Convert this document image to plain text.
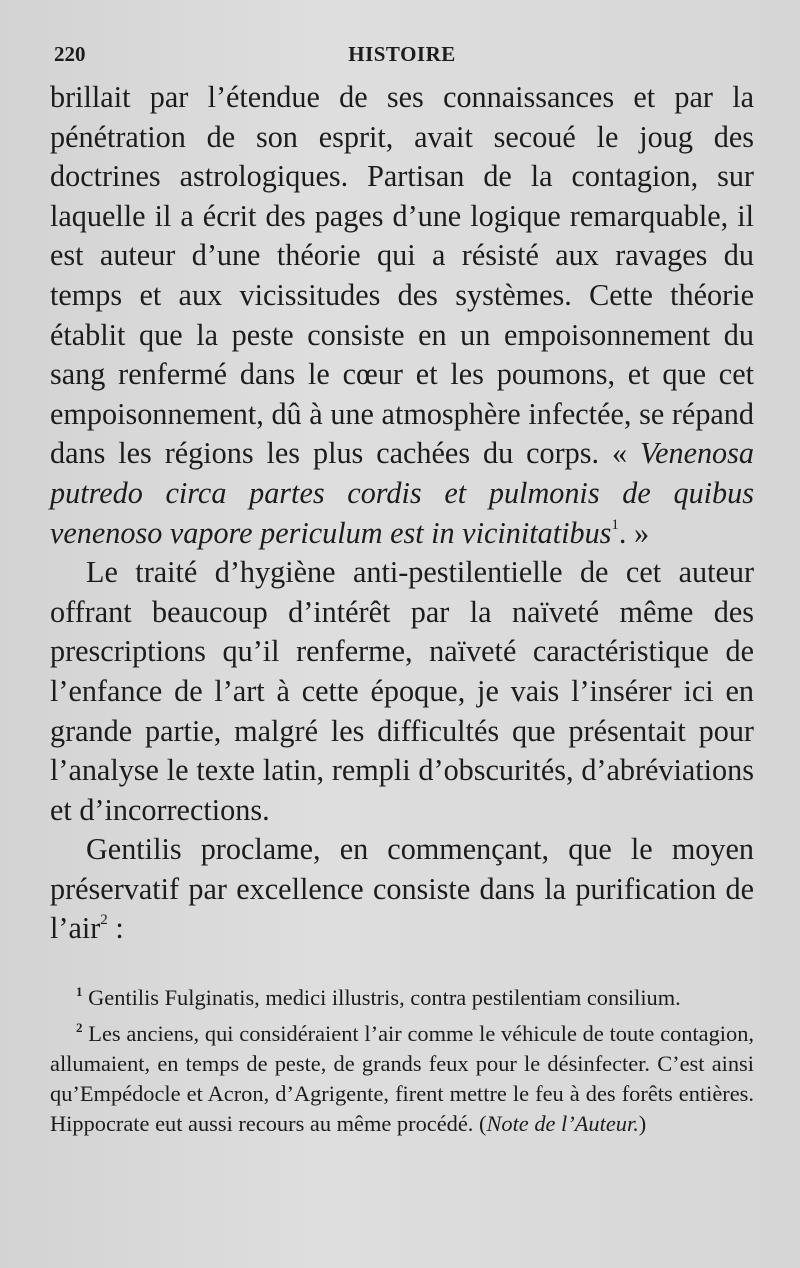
220	HISTOIRE

brillait par l’étendue de ses connaissances et par la pénétration de son esprit, avait secoué le joug des doctrines astrologiques. Partisan de la contagion, sur laquelle il a écrit des pages d’une logique remarquable, il est auteur d’une théorie qui a résisté aux ravages du temps et aux vicissitudes des systèmes. Cette théorie établit que la peste consiste en un empoisonnement du sang renfermé dans le cœur et les poumons, et que cet empoisonnement, dû à une atmosphère infectée, se répand dans les régions les plus cachées du corps. « Venenosa putredo circa partes cordis et pulmonis de quibus venenoso vapore periculum est in vicinitatibus$^1$. »

Le traité d’hygiène anti-pestilentielle de cet auteur offrant beaucoup d’intérêt par la naïveté même des prescriptions qu’il renferme, naïveté caractéristique de l’enfance de l’art à cette époque, je vais l’insérer ici en grande partie, malgré les difficultés que présentait pour l’analyse le texte latin, rempli d’obscurités, d’abréviations et d’incorrections.

Gentilis proclame, en commençant, que le moyen préservatif par excellence consiste dans la purification de l’air$^2$ :

$^1$ Gentilis Fulginatis, medici illustris, contra pestilentiam consilium.

$^2$ Les anciens, qui considéraient l’air comme le véhicule de toute contagion, allumaient, en temps de peste, de grands feux pour le désinfecter. C’est ainsi qu’Empédocle et Acron, d’Agrigente, firent mettre le feu à des forêts entières. Hippocrate eut aussi recours au même procédé. (Note de l’Auteur.)
